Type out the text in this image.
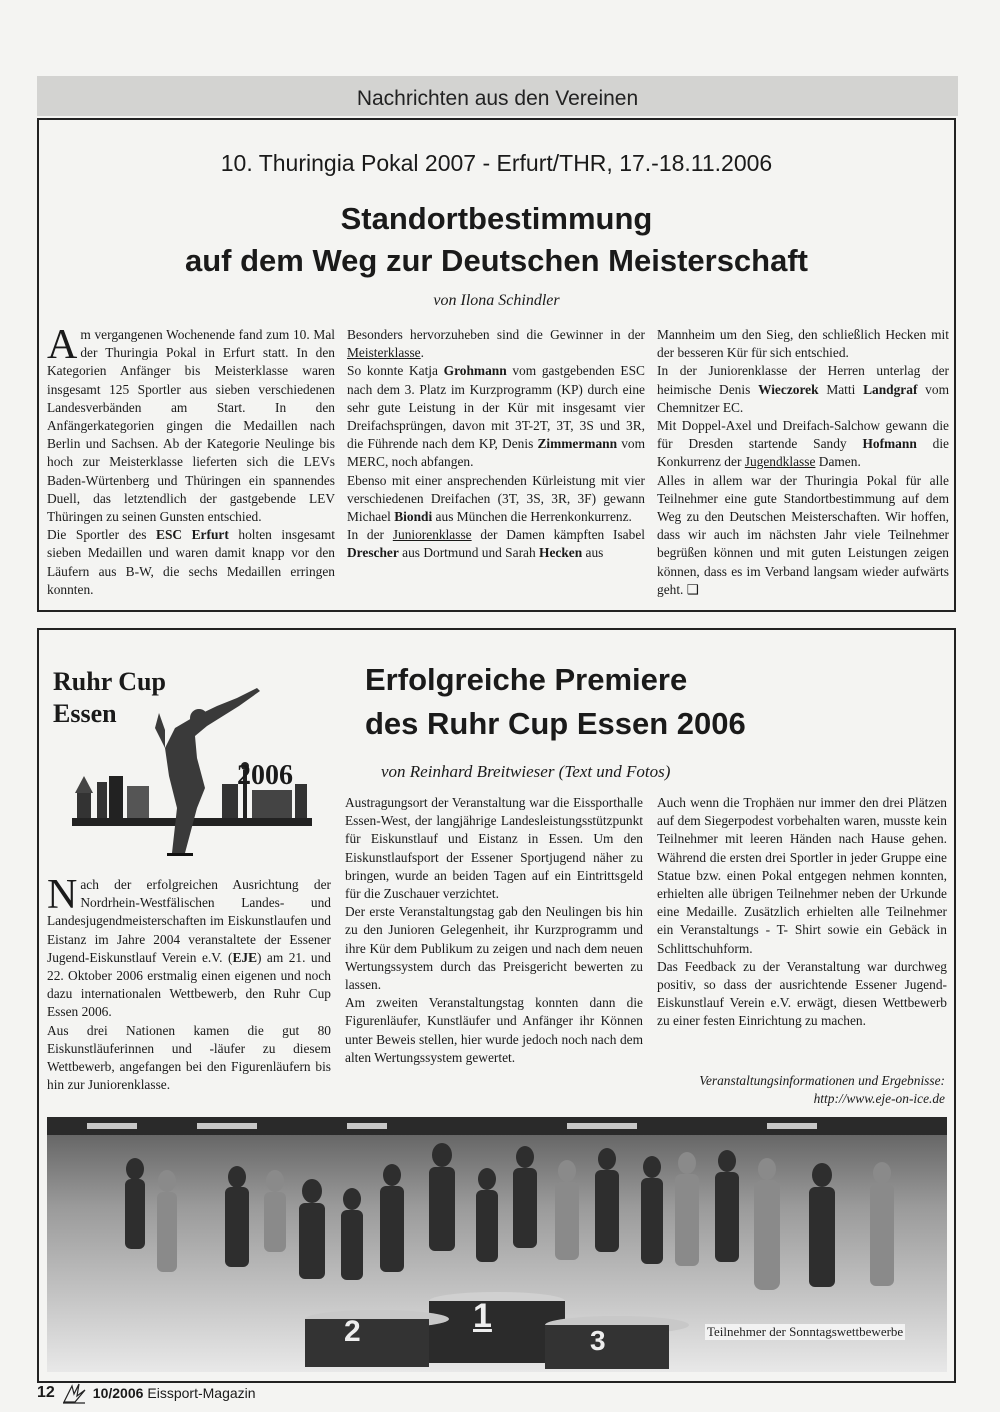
Nachrichten aus den Vereinen
10. Thuringia Pokal 2007 - Erfurt/THR, 17.-18.11.2006
Standortbestimmung
auf dem Weg zur Deutschen Meisterschaft
von Ilona Schindler

Am vergangenen Wochenende fand zum 10. Mal der Thuringia Pokal in Erfurt statt. In den Kategorien Anfänger bis Meisterklasse waren insgesamt 125 Sportler aus sieben verschiedenen Landesverbänden am Start. In den Anfängerkategorien gingen die Medaillen nach Berlin und Sachsen. Ab der Kategorie Neulinge bis hoch zur Meisterklasse lieferten sich die LEVs Baden-Würtenberg und Thüringen ein spannendes Duell, das letztendlich der gastgebende LEV Thüringen zu seinen Gunsten entschied.

Die Sportler des ESC Erfurt holten insgesamt sieben Medaillen und waren damit knapp vor den Läufern aus B-W, die sechs Medaillen erringen konnten.

Besonders hervorzuheben sind die Gewinner in der Meisterklasse.

So konnte Katja Grohmann vom gastgebenden ESC nach dem 3. Platz im Kurzprogramm (KP) durch eine sehr gute Leistung in der Kür mit insgesamt vier Dreifachsprüngen, davon mit 3T-2T, 3T, 3S und 3R, die Führende nach dem KP, Denis Zimmermann vom MERC, noch abfangen.

Ebenso mit einer ansprechenden Kürleistung mit vier verschiedenen Dreifachen (3T, 3S, 3R, 3F) gewann Michael Biondi aus München die Herrenkonkurrenz.

In der Juniorenklasse der Damen kämpften Isabel Drescher aus Dortmund und Sarah Hecken aus

Mannheim um den Sieg, den schließlich Hecken mit der besseren Kür für sich entschied.

In der Juniorenklasse der Herren unterlag der heimische Denis Wieczorek Matti Landgraf vom Chemnitzer EC.

Mit Doppel-Axel und Dreifach-Salchow gewann die für Dresden startende Sandy Hofmann die Konkurrenz der Jugendklasse Damen.

Alles in allem war der Thuringia Pokal für alle Teilnehmer eine gute Standortbestimmung auf dem Weg zu den Deutschen Meisterschaften. Wir hoffen, dass wir auch im nächsten Jahr viele Teilnehmer begrüßen können und mit guten Leistungen zeigen können, dass es im Verband langsam wieder aufwärts geht. ❑

Ruhr Cup
Essen
2006
Erfolgreiche Premiere
des Ruhr Cup Essen 2006
von Reinhard Breitwieser (Text und Fotos)

Nach der erfolgreichen Ausrichtung der Nordrhein-Westfälischen Landes- und Landesjugendmeisterschaften im Eiskunstlaufen und Eistanz im Jahre 2004 veranstaltete der Essener Jugend-Eiskunstlauf Verein e.V. (EJE) am 21. und 22. Oktober 2006 erstmalig einen eigenen und noch dazu internationalen Wettbewerb, den Ruhr Cup Essen 2006.

Aus drei Nationen kamen die gut 80 Eiskunstläuferinnen und -läufer zu diesem Wettbewerb, angefangen bei den Figurenläufern bis hin zur Juniorenklasse.

Austragungsort der Veranstaltung war die Eissporthalle Essen-West, der langjährige Landesleistungsstützpunkt für Eiskunstlauf und Eistanz in Essen. Um den Eiskunstlaufsport der Essener Sportjugend näher zu bringen, wurde an beiden Tagen auf ein Eintrittsgeld für die Zuschauer verzichtet.

Der erste Veranstaltungstag gab den Neulingen bis hin zu den Junioren Gelegenheit, ihr Kurzprogramm und ihre Kür dem Publikum zu zeigen und nach dem neuen Wertungssystem durch das Preisgericht bewerten zu lassen.

Am zweiten Veranstaltungstag konnten dann die Figurenläufer, Kunstläufer und Anfänger ihr Können unter Beweis stellen, hier wurde jedoch noch nach dem alten Wertungssystem gewertet.

Auch wenn die Trophäen nur immer den drei Plätzen auf dem Siegerpodest vorbehalten waren, musste kein Teilnehmer mit leeren Händen nach Hause gehen. Während die ersten drei Sportler in jeder Gruppe eine Statue bzw. einen Pokal entgegen nehmen konnten, erhielten alle übrigen Teilnehmer neben der Urkunde eine Medaille. Zusätzlich erhielten alle Teilnehmer ein Veranstaltungs - T- Shirt sowie ein Gebäck in Schlittschuhform.

Das Feedback zu der Veranstaltung war durchweg positiv, so dass der ausrichtende Essener Jugend-Eiskunstlauf Verein e.V. erwägt, diesen Wettbewerb zu einer festen Einrichtung zu machen.

Veranstaltungsinformationen und Ergebnisse:
http://www.eje-on-ice.de
2	1
3	Teilnehmer der Sonntagswettbewerbe
12	10/2006 Eissport-Magazin
